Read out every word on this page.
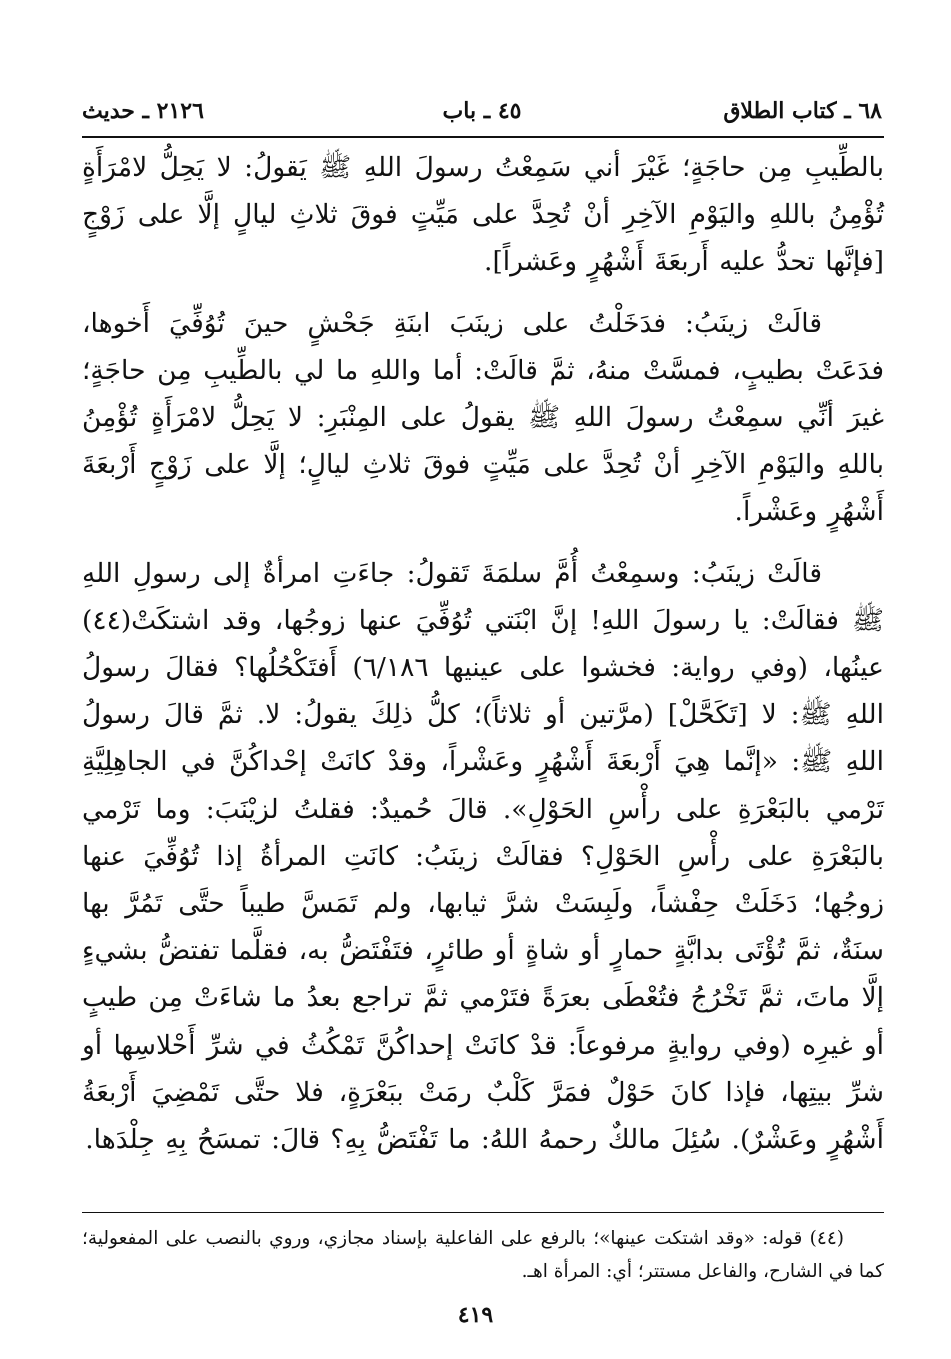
٦٨ ـ كتاب الطلاق
٤٥ ـ باب
٢١٢٦ ـ حديث

بالطِّيبِ مِن حاجَةٍ؛ غَيْرَ أني سَمِعْتُ رسولَ اللهِ ﷺ يَقولُ: لا يَحِلُّ لامْرَأَةٍ تُؤْمِنُ باللهِ واليَوْمِ الآخِرِ أنْ تُحِدَّ على مَيِّتٍ فوقَ ثلاثِ ليالٍ إلَّا على زَوْجٍ [فإنَّها تحدُّ عليه أَربعَةَ أَشْهُرٍ وعَشراً].

قالَتْ زينَبُ: فدَخَلْتُ على زينَبَ ابنَةِ جَحْشٍ حينَ تُوُفِّيَ أَخوها، فدَعَتْ بطيبٍ، فمسَّتْ منهُ، ثمَّ قالَتْ: أما واللهِ ما لي بالطِّيبِ مِن حاجَةٍ؛ غيرَ أنِّي سمِعْتُ رسولَ اللهِ ﷺ يقولُ على المِنْبَرِ: لا يَحِلُّ لامْرَأَةٍ تُؤْمِنُ باللهِ واليَوْمِ الآخِرِ أنْ تُحِدَّ على مَيِّتٍ فوقَ ثلاثِ ليالٍ؛ إلَّا على زَوْجٍ أَرْبعَةَ أَشْهُرٍ وعَشْراً.

قالَتْ زينَبُ: وسمِعْتُ أُمَّ سلمَةَ تَقولُ: جاءَتِ امرأةٌ إلى رسولِ اللهِ ﷺ فقالَتْ: يا رسولَ اللهِ! إنَّ ابْنَتي تُوُفِّيَ عنها زوجُها، وقد اشتكَتْ(٤٤) عينُها، (وفي رواية: فخشوا على عينيها ٦/١٨٦) أَفتَكْحُلُها؟ فقالَ رسولُ اللهِ ﷺ: لا [تَكَحَّلْ] (مرَّتين أو ثلاثاً)؛ كلُّ ذلِكَ يقولُ: لا. ثمَّ قالَ رسولُ اللهِ ﷺ: «إنَّما هِيَ أَرْبعَةَ أَشْهُرٍ وعَشْراً، وقدْ كانَتْ إحْداكُنَّ في الجاهِلِيَّةِ تَرْمي بالبَعْرَةِ على رأْسِ الحَوْلِ». قالَ حُميدٌ: فقلتُ لزيْنَبَ: وما تَرْمي بالبَعْرَةِ على رأْسِ الحَوْلِ؟ فقالَتْ زينَبُ: كانَتِ المرأةُ إذا تُوُفِّيَ عنها زوجُها؛ دَخَلَتْ حِفْشاً، ولَبِسَتْ شرَّ ثيابها، ولم تَمَسَّ طيباً حتَّى تَمُرَّ بها سنَةٌ، ثمَّ تُؤْتَى بدابَّةٍ حمارٍ أو شاةٍ أو طائرٍ، فتَفْتَضُّ به، فقلَّما تفتضُّ بشيءٍ إلَّا ماتَ، ثمَّ تَخْرُجُ فتُعْطَى بعرَةً فتَرْمي ثمَّ تراجع بعدُ ما شاءَتْ مِن طيبٍ أو غيرِه (وفي روايةٍ مرفوعاً: قدْ كانَتْ إحداكُنَّ تَمْكُثُ في شرِّ أَحْلاسِها أو شرِّ بيتِها، فإذا كانَ حَوْلٌ فمَرَّ كَلْبٌ رمَتْ ببَعْرَةٍ، فلا حتَّى تَمْضِيَ أَرْبعَةُ أَشْهُرٍ وعَشْرٌ). سُئِلَ مالكٌ رحمهُ اللهُ: ما تَفْتَضُّ بِهِ؟ قالَ: تمسَحُ بِهِ جِلْدَها.

(٤٤) قوله: «وقد اشتكت عينها»؛ بالرفع على الفاعلية بإسناد مجازي، وروي بالنصب على المفعولية؛ كما في الشارح، والفاعل مستتر؛ أي: المرأة اهـ.

٤١٩
